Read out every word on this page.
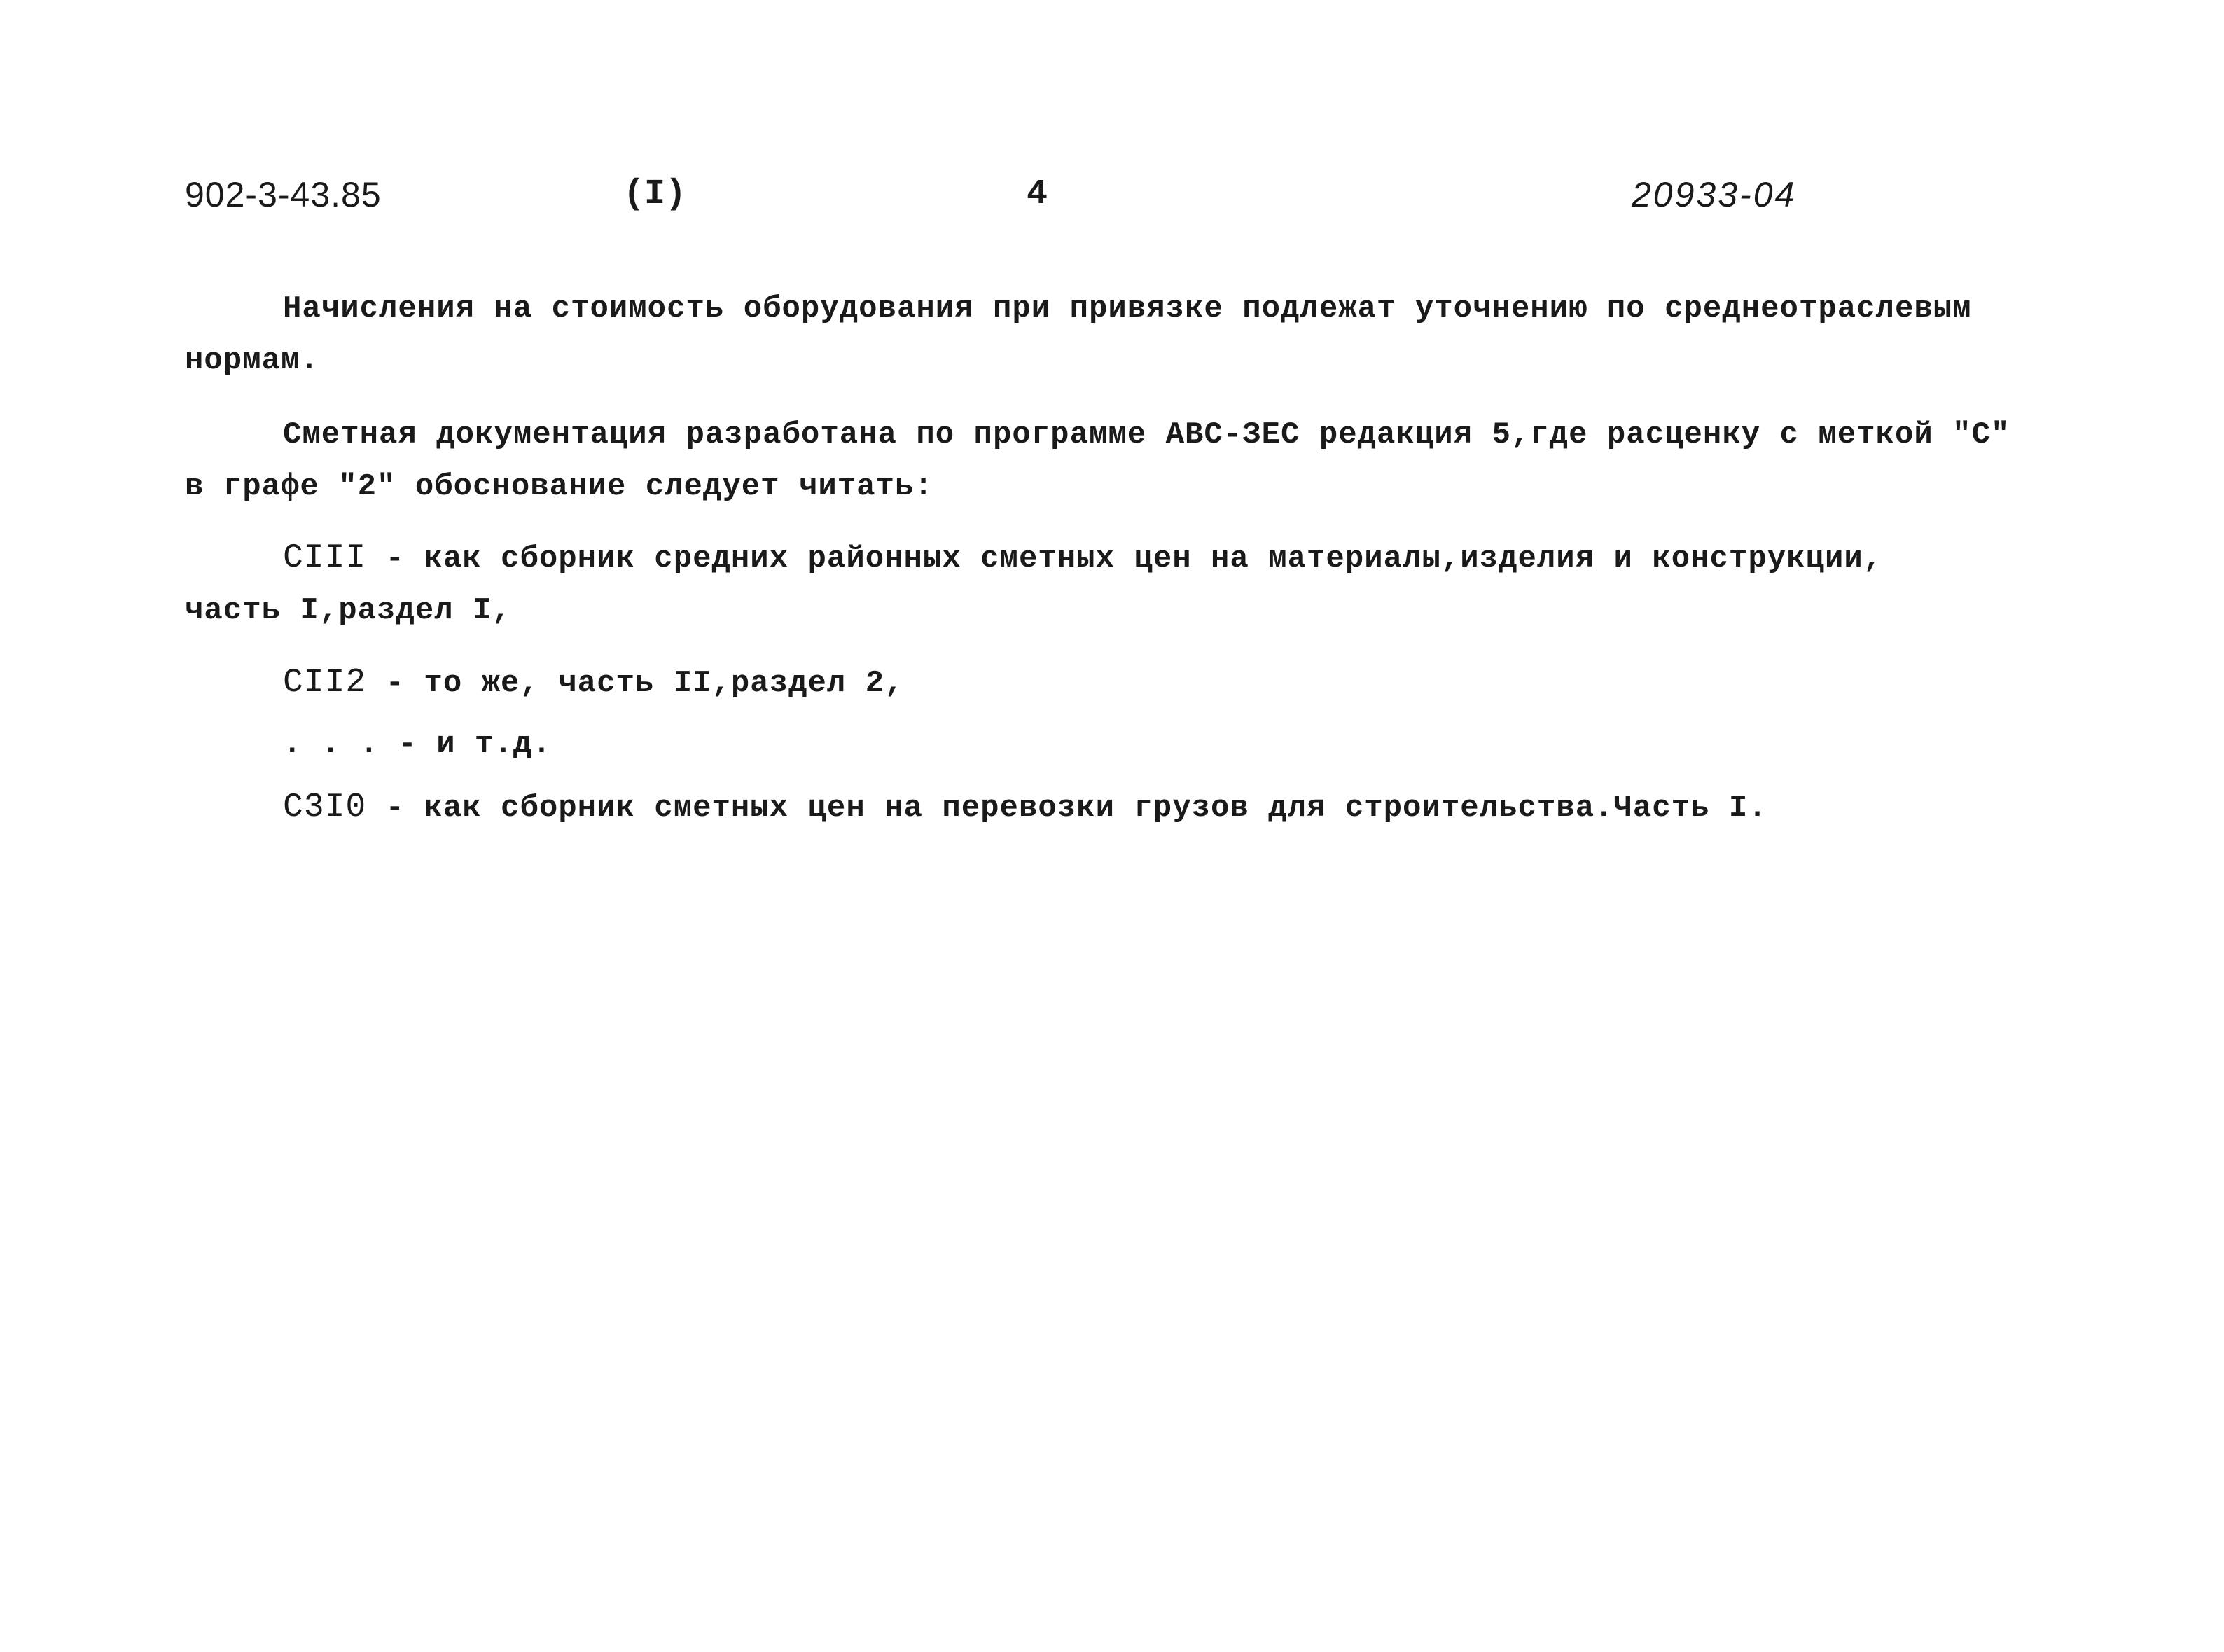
902-3-43.85	(I)	4	20933-04
Начисления на стоимость оборудования при привязке подлежат уточнению по среднеотраслевым
нормам.
Сметная документация разработана по программе АВС-ЗЕС редакция 5,где расценку с меткой "С"
в графе "2" обоснование следует читать:
CIII - как сборник средних районных сметных цен на материалы,изделия и конструкции,
часть I,раздел I,
CII2 - то же, часть II,раздел 2,
. . . - и т.д.
C3I0 - как сборник сметных цен на перевозки грузов для строительства.Часть I.
